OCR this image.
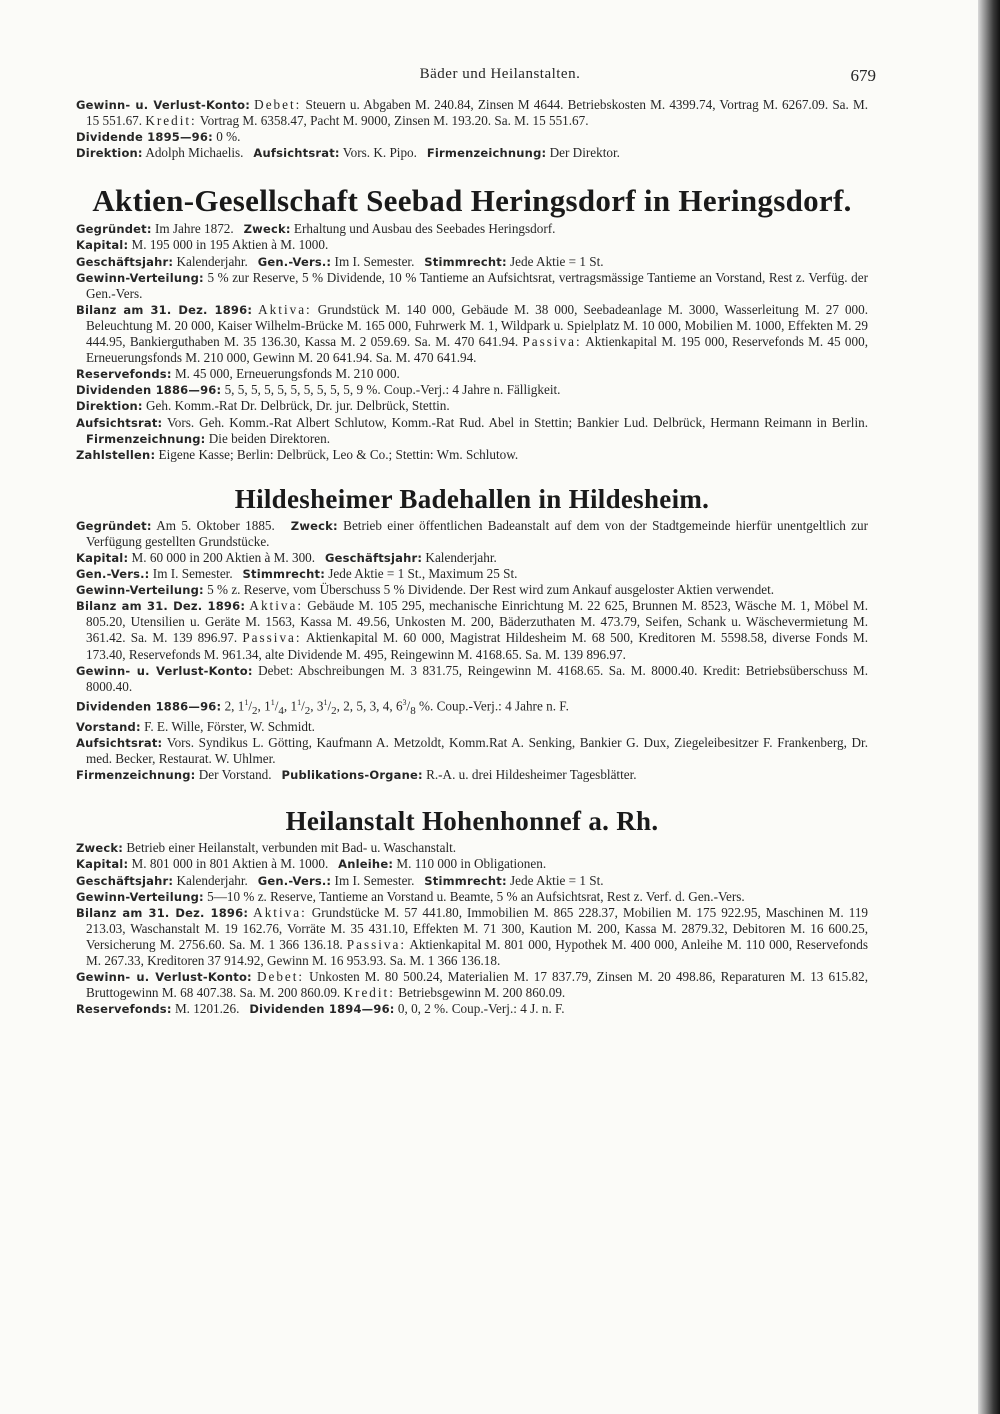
Bäder und Heilanstalten.	679

Gewinn- u. Verlust-Konto: Debet: Steuern u. Abgaben M. 240.84, Zinsen M 4644. Betriebskosten M. 4399.74, Vortrag M. 6267.09. Sa. M. 15 551.67. Kredit: Vortrag M. 6358.47, Pacht M. 9000, Zinsen M. 193.20. Sa. M. 15 551.67.

Dividende 1895—96: 0 %.

Direktion: Adolph Michaelis. Aufsichtsrat: Vors. K. Pipo. Firmenzeichnung: Der Direktor.

Aktien-Gesellschaft Seebad Heringsdorf in Heringsdorf.

Gegründet: Im Jahre 1872. Zweck: Erhaltung und Ausbau des Seebades Heringsdorf.

Kapital: M. 195 000 in 195 Aktien à M. 1000.

Geschäftsjahr: Kalenderjahr. Gen.-Vers.: Im I. Semester. Stimmrecht: Jede Aktie = 1 St.

Gewinn-Verteilung: 5 % zur Reserve, 5 % Dividende, 10 % Tantieme an Aufsichtsrat, vertragsmässige Tantieme an Vorstand, Rest z. Verfüg. der Gen.-Vers.

Bilanz am 31. Dez. 1896: Aktiva: Grundstück M. 140 000, Gebäude M. 38 000, Seebadeanlage M. 3000, Wasserleitung M. 27 000. Beleuchtung M. 20 000, Kaiser Wilhelm-Brücke M. 165 000, Fuhrwerk M. 1, Wildpark u. Spielplatz M. 10 000, Mobilien M. 1000, Effekten M. 29 444.95, Bankierguthaben M. 35 136.30, Kassa M. 2 059.69. Sa. M. 470 641.94. Passiva: Aktienkapital M. 195 000, Reservefonds M. 45 000, Erneuerungsfonds M. 210 000, Gewinn M. 20 641.94. Sa. M. 470 641.94.

Reservefonds: M. 45 000, Erneuerungsfonds M. 210 000.

Dividenden 1886—96: 5, 5, 5, 5, 5, 5, 5, 5, 5, 5, 9 %. Coup.-Verj.: 4 Jahre n. Fälligkeit.

Direktion: Geh. Komm.-Rat Dr. Delbrück, Dr. jur. Delbrück, Stettin.

Aufsichtsrat: Vors. Geh. Komm.-Rat Albert Schlutow, Komm.-Rat Rud. Abel in Stettin; Bankier Lud. Delbrück, Hermann Reimann in Berlin. Firmenzeichnung: Die beiden Direktoren.

Zahlstellen: Eigene Kasse; Berlin: Delbrück, Leo & Co.; Stettin: Wm. Schlutow.

Hildesheimer Badehallen in Hildesheim.

Gegründet: Am 5. Oktober 1885. Zweck: Betrieb einer öffentlichen Badeanstalt auf dem von der Stadtgemeinde hierfür unentgeltlich zur Verfügung gestellten Grundstücke.

Kapital: M. 60 000 in 200 Aktien à M. 300. Geschäftsjahr: Kalenderjahr.

Gen.-Vers.: Im I. Semester. Stimmrecht: Jede Aktie = 1 St., Maximum 25 St.

Gewinn-Verteilung: 5 % z. Reserve, vom Überschuss 5 % Dividende. Der Rest wird zum Ankauf ausgeloster Aktien verwendet.

Bilanz am 31. Dez. 1896: Aktiva: Gebäude M. 105 295, mechanische Einrichtung M. 22 625, Brunnen M. 8523, Wäsche M. 1, Möbel M. 805.20, Utensilien u. Geräte M. 1563, Kassa M. 49.56, Unkosten M. 200, Bäderzuthaten M. 473.79, Seifen, Schank u. Wäschevermietung M. 361.42. Sa. M. 139 896.97. Passiva: Aktienkapital M. 60 000, Magistrat Hildesheim M. 68 500, Kreditoren M. 5598.58, diverse Fonds M. 173.40, Reservefonds M. 961.34, alte Dividende M. 495, Reingewinn M. 4168.65. Sa. M. 139 896.97.

Gewinn- u. Verlust-Konto: Debet: Abschreibungen M. 3 831.75, Reingewinn M. 4168.65. Sa. M. 8000.40. Kredit: Betriebsüberschuss M. 8000.40.

Dividenden 1886—96: 2, $1^1/_2$, $1^1/_4$, $1^1/_2$, $3^1/_2$, 2, 5, 3, 4, $6^3/_8$ %. Coup.-Verj.: 4 Jahre n. F.

Vorstand: F. E. Wille, Förster, W. Schmidt.

Aufsichtsrat: Vors. Syndikus L. Götting, Kaufmann A. Metzoldt, Komm.Rat A. Senking, Bankier G. Dux, Ziegeleibesitzer F. Frankenberg, Dr. med. Becker, Restaurat. W. Uhlmer.

Firmenzeichnung: Der Vorstand. Publikations-Organe: R.-A. u. drei Hildesheimer Tagesblätter.

Heilanstalt Hohenhonnef a. Rh.

Zweck: Betrieb einer Heilanstalt, verbunden mit Bad- u. Waschanstalt.

Kapital: M. 801 000 in 801 Aktien à M. 1000. Anleihe: M. 110 000 in Obligationen.

Geschäftsjahr: Kalenderjahr. Gen.-Vers.: Im I. Semester. Stimmrecht: Jede Aktie = 1 St.

Gewinn-Verteilung: 5—10 % z. Reserve, Tantieme an Vorstand u. Beamte, 5 % an Aufsichtsrat, Rest z. Verf. d. Gen.-Vers.

Bilanz am 31. Dez. 1896: Aktiva: Grundstücke M. 57 441.80, Immobilien M. 865 228.37, Mobilien M. 175 922.95, Maschinen M. 119 213.03, Waschanstalt M. 19 162.76, Vorräte M. 35 431.10, Effekten M. 71 300, Kaution M. 200, Kassa M. 2879.32, Debitoren M. 16 600.25, Versicherung M. 2756.60. Sa. M. 1 366 136.18. Passiva: Aktienkapital M. 801 000, Hypothek M. 400 000, Anleihe M. 110 000, Reservefonds M. 267.33, Kreditoren 37 914.92, Gewinn M. 16 953.93. Sa. M. 1 366 136.18.

Gewinn- u. Verlust-Konto: Debet: Unkosten M. 80 500.24, Materialien M. 17 837.79, Zinsen M. 20 498.86, Reparaturen M. 13 615.82, Bruttogewinn M. 68 407.38. Sa. M. 200 860.09. Kredit: Betriebsgewinn M. 200 860.09.

Reservefonds: M. 1201.26. Dividenden 1894—96: 0, 0, 2 %. Coup.-Verj.: 4 J. n. F.
